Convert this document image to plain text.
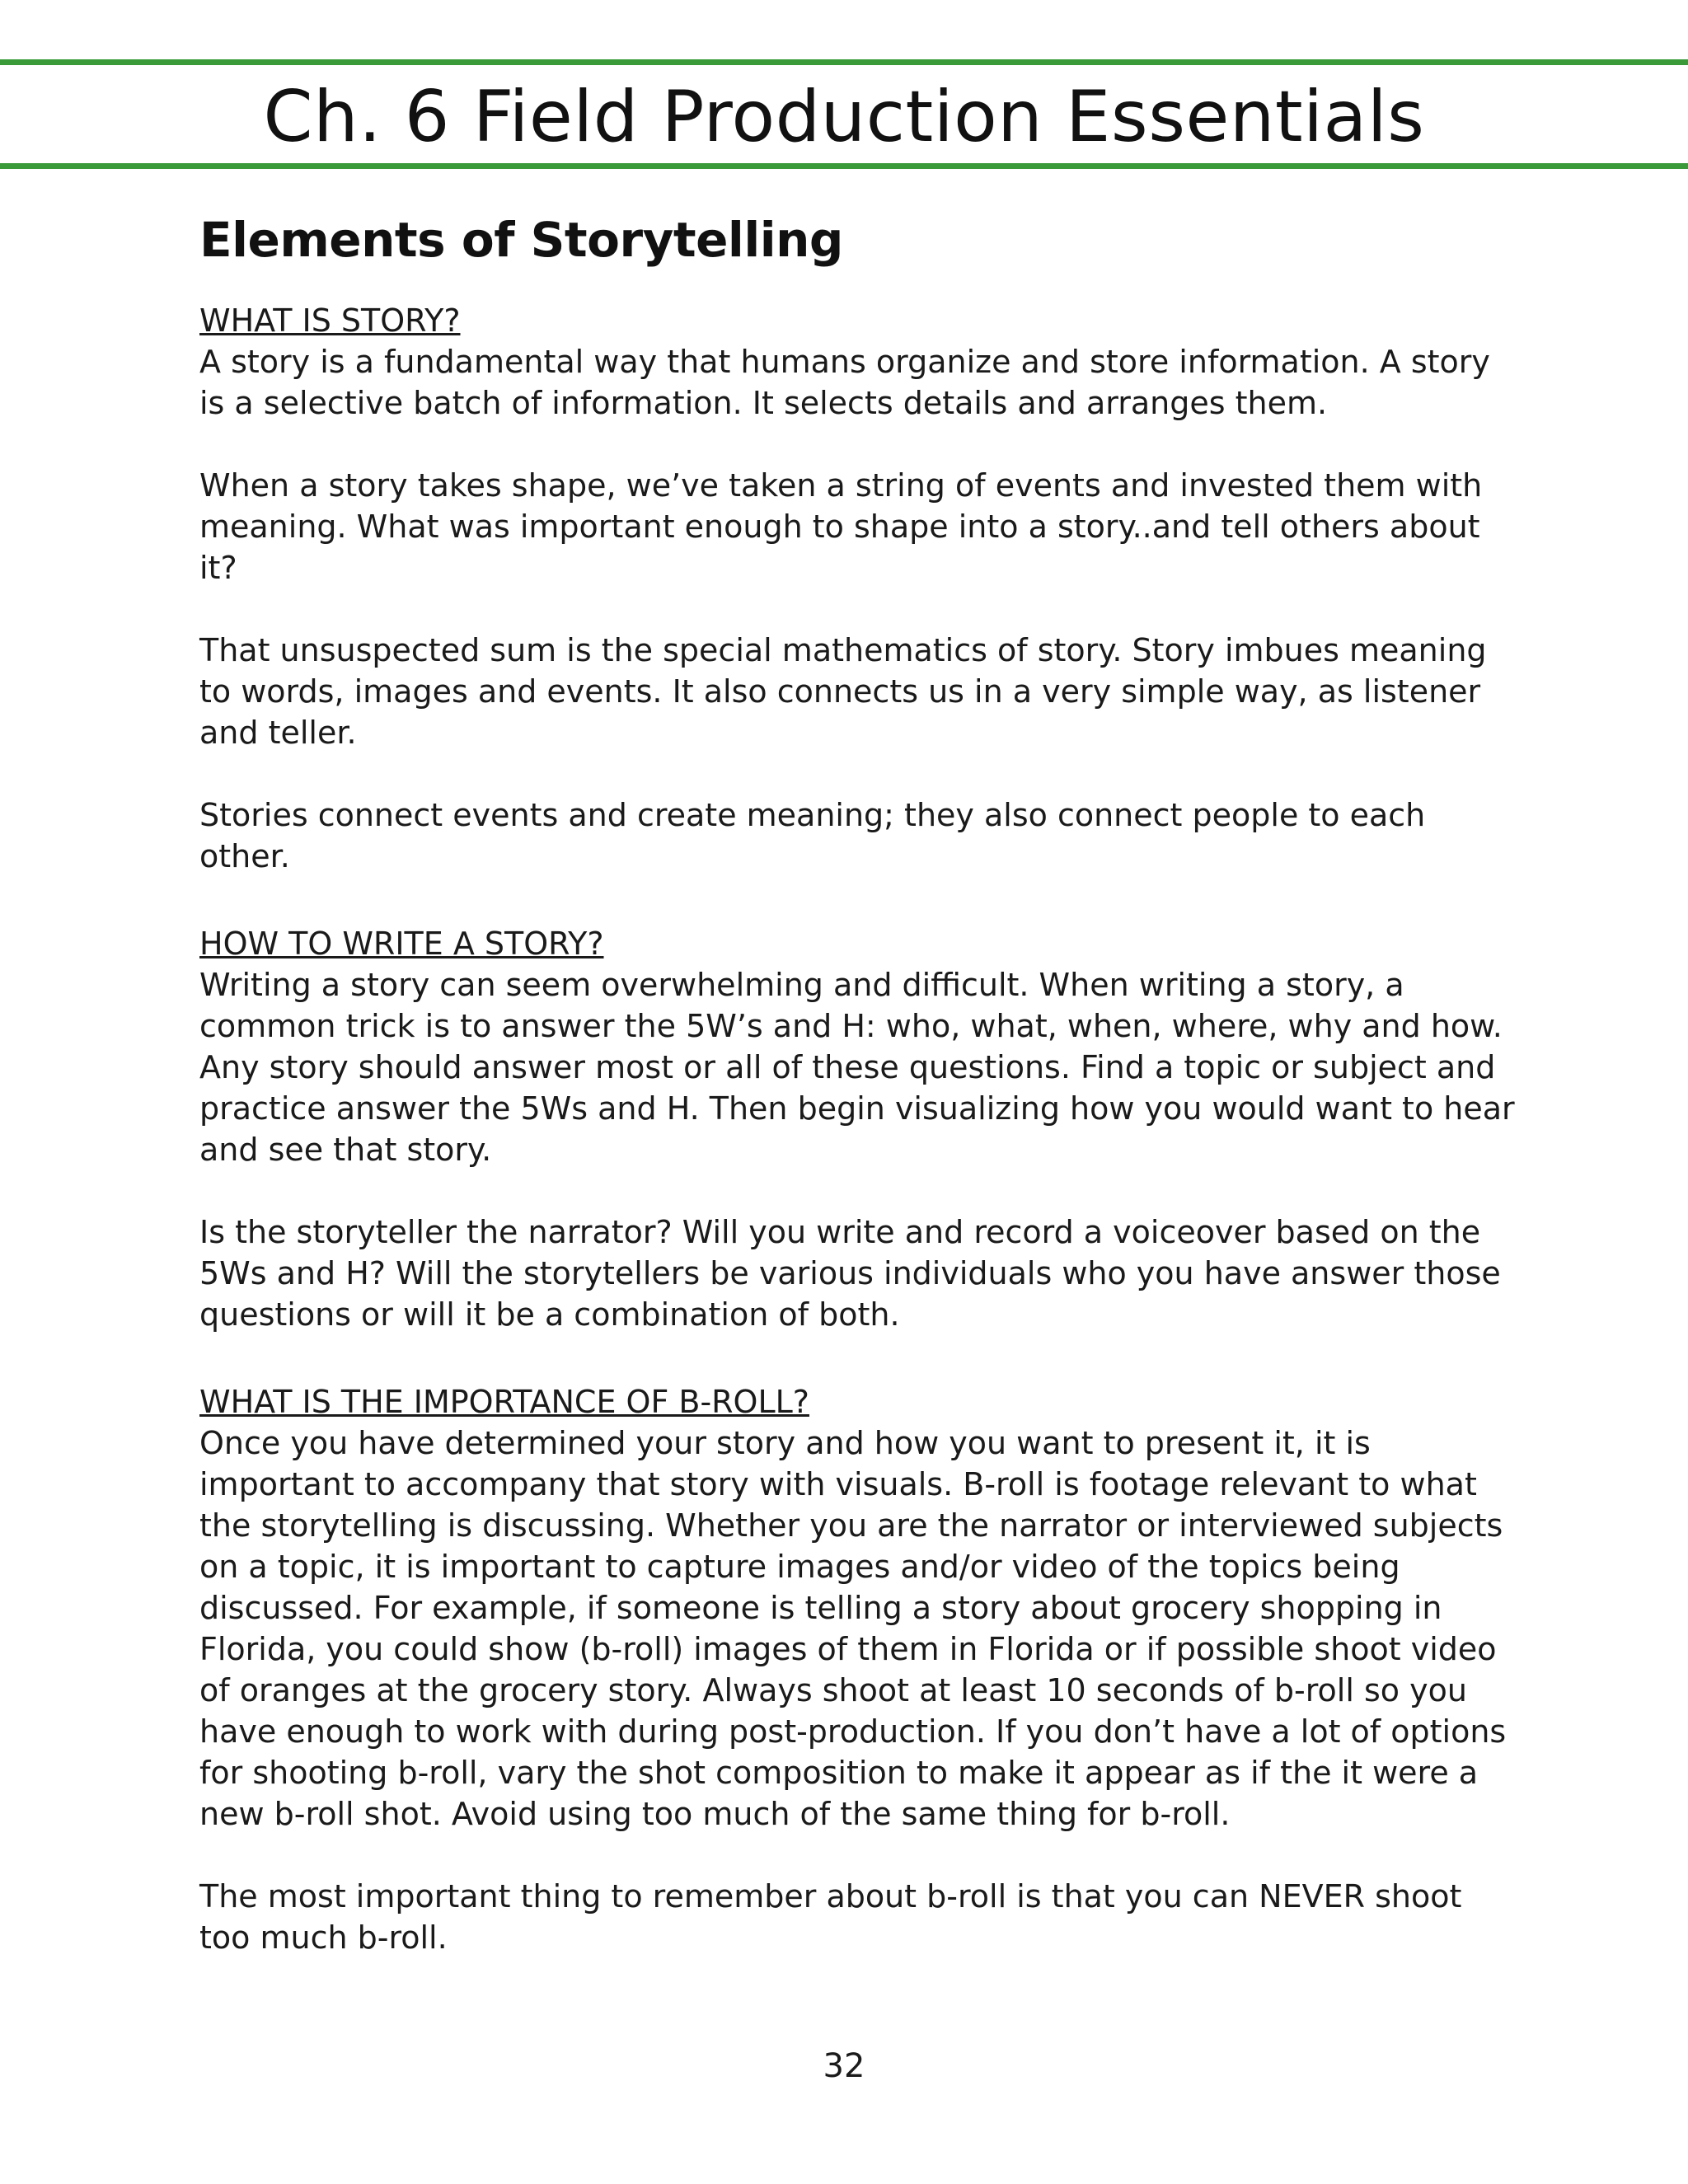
Ch. 6 Field Production Essentials
Elements of Storytelling
WHAT IS STORY?

A story is a fundamental way that humans organize and store information. A story is a selective batch of information. It selects details and arranges them.

When a story takes shape, we’ve taken a string of events and invested them with meaning. What was important enough to shape into a story..and tell others about it?

That unsuspected sum is the special mathematics of story. Story imbues meaning to words, images and events. It also connects us in a very simple way, as listener and teller.

Stories connect events and create meaning; they also connect people to each other.

HOW TO WRITE A STORY?

Writing a story can seem overwhelming and difficult. When writing a story, a common trick is to answer the 5W’s and H: who, what, when, where, why and how. Any story should answer most or all of these questions. Find a topic or subject and practice answer the 5Ws and H. Then begin visualizing how you would want to hear and see that story.

Is the storyteller the narrator? Will you write and record a voiceover based on the 5Ws and H? Will the storytellers be various individuals who you have answer those questions or will it be a combination of both.

WHAT IS THE IMPORTANCE OF B-ROLL?

Once you have determined your story and how you want to present it, it is important to accompany that story with visuals. B-roll is footage relevant to what the storytelling is discussing. Whether you are the narrator or interviewed subjects on a topic, it is important to capture images and/or video of the topics being discussed. For example, if someone is telling a story about grocery shopping in Florida, you could show (b-roll) images of them in Florida or if possible shoot video of oranges at the grocery story. Always shoot at least 10 seconds of b-roll so you have enough to work with during post-production. If you don’t have a lot of options for shooting b-roll, vary the shot composition to make it appear as if the it were a new b-roll shot. Avoid using too much of the same thing for b-roll.

The most important thing to remember about b-roll is that you can NEVER shoot too much b-roll.

32
